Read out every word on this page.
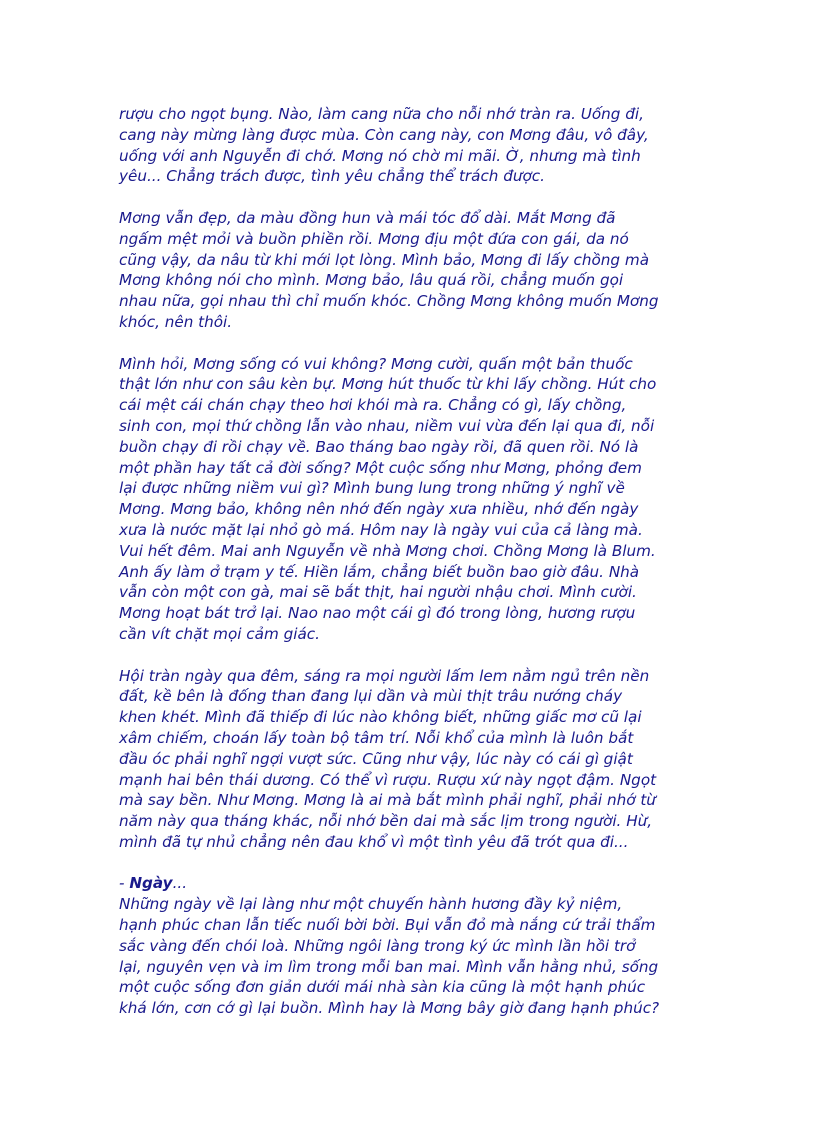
rượu cho ngọt bụng. Nào, làm cang nữa cho nỗi nhớ tràn ra. Uống đi,
cang này mừng làng được mùa. Còn cang này, con Mơng đâu, vô đây,
uống với anh Nguyễn đi chớ. Mơng nó chờ mi mãi. Ờ, nhưng mà tình
yêu... Chẳng trách được, tình yêu chẳng thể trách được.
Mơng vẫn đẹp, da màu đồng hun và mái tóc đổ dài. Mắt Mơng đã
ngấm mệt mỏi và buồn phiền rồi. Mơng địu một đứa con gái, da nó
cũng vậy, da nâu từ khi mới lọt lòng. Mình bảo, Mơng đi lấy chồng mà
Mơng không nói cho mình. Mơng bảo, lâu quá rồi, chẳng muốn gọi
nhau nữa, gọi nhau thì chỉ muốn khóc. Chồng Mơng không muốn Mơng
khóc, nên thôi.
Mình hỏi, Mơng sống có vui không? Mơng cười, quấn một bản thuốc
thật lớn như con sâu kèn bự. Mơng hút thuốc từ khi lấy chồng. Hút cho
cái mệt cái chán chạy theo hơi khói mà ra. Chẳng có gì, lấy chồng,
sinh con, mọi thứ chồng lẫn vào nhau, niềm vui vừa đến lại qua đi, nỗi
buồn chạy đi rồi chạy về. Bao tháng bao ngày rồi, đã quen rồi. Nó là
một phần hay tất cả đời sống? Một cuộc sống như Mơng, phỏng đem
lại được những niềm vui gì? Mình bung lung trong những ý nghĩ về
Mơng. Mơng bảo, không nên nhớ đến ngày xưa nhiều, nhớ đến ngày
xưa là nước mặt lại nhỏ gò má. Hôm nay là ngày vui của cả làng mà.
Vui hết đêm. Mai anh Nguyễn về nhà Mơng chơi. Chồng Mơng là Blum.
Anh ấy làm ở trạm y tế. Hiền lắm, chẳng biết buồn bao giờ đâu. Nhà
vẫn còn một con gà, mai sẽ bắt thịt, hai người nhậu chơi. Mình cười.
Mơng hoạt bát trở lại. Nao nao một cái gì đó trong lòng, hương rượu
cần vít chặt mọi cảm giác.
Hội tràn ngày qua đêm, sáng ra mọi người lấm lem nằm ngủ trên nền
đất, kề bên là đống than đang lụi dần và mùi thịt trâu nướng cháy
khen khét. Mình đã thiếp đi lúc nào không biết, những giấc mơ cũ lại
xâm chiếm, choán lấy toàn bộ tâm trí. Nỗi khổ của mình là luôn bắt
đầu óc phải nghĩ ngợi vượt sức. Cũng như vậy, lúc này có cái gì giật
mạnh hai bên thái dương. Có thể vì rượu. Rượu xứ này ngọt đậm. Ngọt
mà say bền. Như Mơng. Mơng là ai mà bắt mình phải nghĩ, phải nhớ từ
năm này qua tháng khác, nỗi nhớ bền dai mà sắc lịm trong người. Hừ,
mình đã tự nhủ chẳng nên đau khổ vì một tình yêu đã trót qua đi...
- Ngày...
Những ngày về lại làng như một chuyến hành hương đầy kỷ niệm,
hạnh phúc chan lẫn tiếc nuối bời bời. Bụi vẫn đỏ mà nắng cứ trải thẩm
sắc vàng đến chói loà. Những ngôi làng trong ký ức mình lần hồi trở
lại, nguyên vẹn và im lìm trong mỗi ban mai. Mình vẫn hằng nhủ, sống
một cuộc sống đơn giản dưới mái nhà sàn kia cũng là một hạnh phúc
khá lớn, cơn cớ gì lại buồn. Mình hay là Mơng bây giờ đang hạnh phúc?
